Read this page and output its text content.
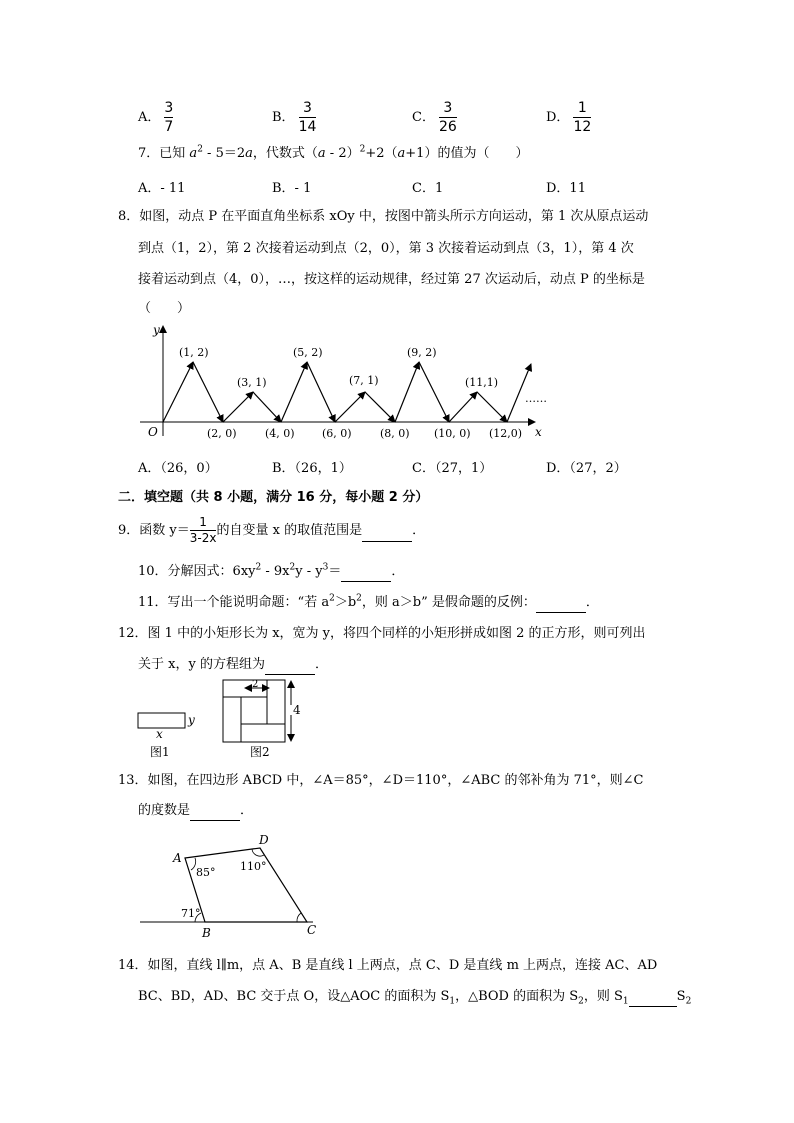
A． $\frac{3}{7}$	B． $\frac{3}{14}$	C． $\frac{3}{26}$	D． $\frac{1}{12}$
7．已知 $a^2 - 5=2a$，代数式（a - 2）$^2$+2（a+1）的值为（　　）
A．- 11	B．- 1	C．1	D．11
8．如图，动点 P 在平面直角坐标系 xOy 中，按图中箭头所示方向运动，第 1 次从原点运动
到点（1，2），第 2 次接着运动到点（2，0），第 3 次接着运动到点（3，1），第 4 次
接着运动到点（4，0），…，按这样的运动规律，经过第 27 次运动后，动点 P 的坐标是
（　　）
y
x
O
(1, 2)
(3, 1)
(5, 2)
(7, 1)
(9, 2)
(11,1)
(2, 0)	(4, 0) (6, 0)	(8, 0) (10, 0) (12,0)
……
A．（26，0）	B．（26，1）	C．（27，1）	D．（27，2）
二．填空题（共 8 小题，满分 16 分，每小题 2 分）
9．函数 $y= \frac{1}{3-2x}$ 的自变量 x 的取值范围是	．
10．分解因式：$6xy^2 - 9x^2y - y^3=$	．
11．写出一个能说明命题：“若 $a^2>b^2$，则 a＞b” 是假命题的反例：	．
12．图 1 中的小矩形长为 x，宽为 y，将四个同样的小矩形拼成如图 2 的正方形，则可列出
关于 x，y 的方程组为	．
y
x
图1
2
4
图2
13．如图，在四边形 ABCD 中，∠A＝85°，∠D＝110°，∠ABC 的邻补角为 71°，则∠C
的度数是	．
A
D
B	C
85° 110°
71°
14．如图，直线 l∥m，点 A、B 是直线 l 上两点，点 C、D 是直线 m 上两点，连接 AC、AD
BC、BD，AD、BC 交于点 O，设△AOC 的面积为 $S_1$，△BOD 的面积为 $S_2$，则 $S_1$	$S_2$
